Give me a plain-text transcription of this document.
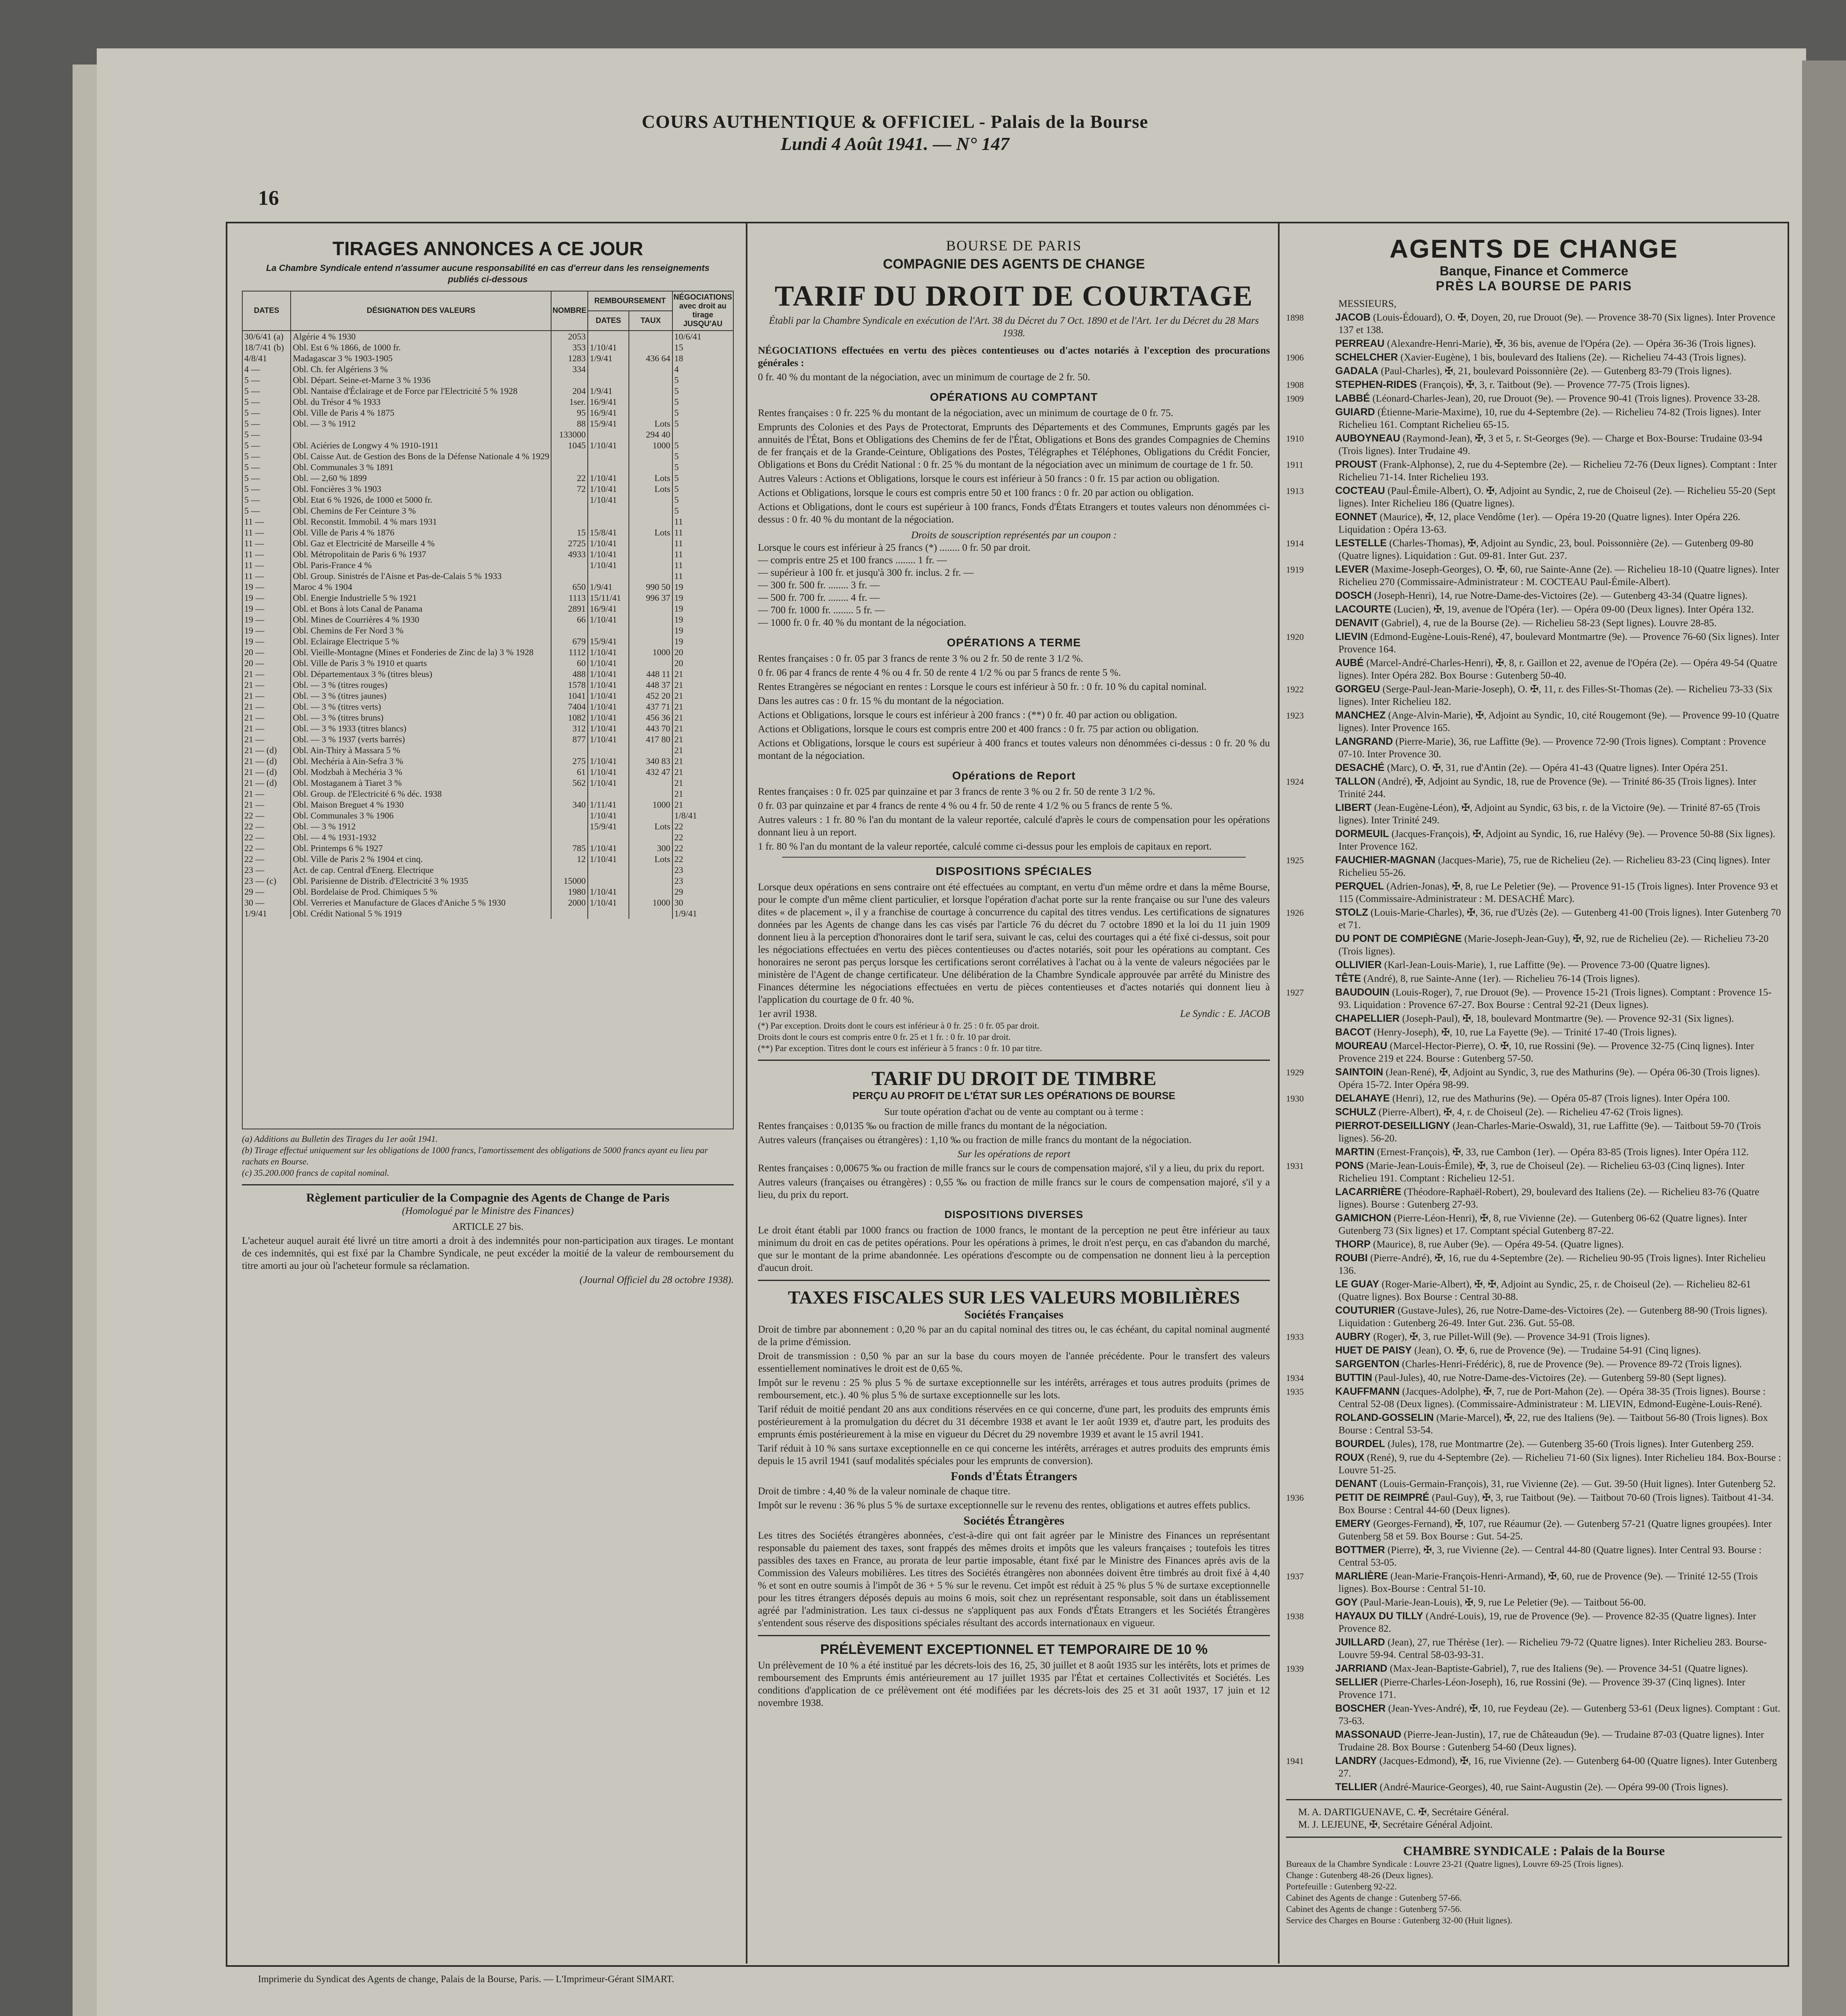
COURS AUTHENTIQUE & OFFICIEL - Palais de la Bourse
Lundi 4 Août 1941. — N° 147
16
TIRAGES ANNONCES A CE JOUR
La Chambre Syndicale entend n'assumer aucune responsabilité en cas d'erreur dans les renseignements publiés ci-dessous
DATES	DÉSIGNATION DES VALEURS	NOMBRE	REMBOURSEMENT		NÉGOCIATIONS avec droit au tirage JUSQU'AU
			DATES	TAUX	
30/6/41 (a)	Algérie 4 % 1930	2053			10/6/41
18/7/41 (b)	Obl. Est 6 % 1866, de 1000 fr.	353	1/10/41		15
4/8/41	Madagascar 3 % 1903-1905	1283	1/9/41	436 64	18
4 —	Obl. Ch. fer Algériens 3 %	334			4
5 —	Obl. Départ. Seine-et-Marne 3 % 1936				5
5 —	Obl. Nantaise d'Éclairage et de Force par l'Electricité 5 % 1928	204	1/9/41		5
5 —	Obl. du Trésor 4 % 1933	1ser.	16/9/41		5
5 —	Obl. Ville de Paris 4 % 1875	95	16/9/41		5
5 —	Obl. — 3 % 1912	88	15/9/41	Lots	5
5 —		133000		294 40	
5 —	Obl. Aciéries de Longwy 4 % 1910-1911	1045	1/10/41	1000	5
5 —	Obl. Caisse Aut. de Gestion des Bons de la Défense Nationale 4 % 1929				5
5 —	Obl. Communales 3 % 1891				5
5 —	Obl. — 2,60 % 1899	22	1/10/41	Lots	5
5 —	Obl. Foncières 3 % 1903	72	1/10/41	Lots	5
5 —	Obl. Etat 6 % 1926, de 1000 et 5000 fr.		1/10/41		5
5 —	Obl. Chemins de Fer Ceinture 3 %				5
11 —	Obl. Reconstit. Immobil. 4 % mars 1931				11
11 —	Obl. Ville de Paris 4 % 1876	15	15/8/41	Lots	11
11 —	Obl. Gaz et Electricité de Marseille 4 %	2725	1/10/41		11
11 —	Obl. Métropolitain de Paris 6 % 1937	4933	1/10/41		11
11 —	Obl. Paris-France 4 %		1/10/41		11
11 —	Obl. Group. Sinistrés de l'Aisne et Pas-de-Calais 5 % 1933				11
19 —	Maroc 4 % 1904	650	1/9/41	990 50	19
19 —	Obl. Energie Industrielle 5 % 1921	1113	15/11/41	996 37	19
19 —	Obl. et Bons à lots Canal de Panama	2891	16/9/41		19
19 —	Obl. Mines de Courrières 4 % 1930	66	1/10/41		19
19 —	Obl. Chemins de Fer Nord 3 %				19
19 —	Obl. Eclairage Electrique 5 %	679	15/9/41		19
20 —	Obl. Vieille-Montagne (Mines et Fonderies de Zinc de la) 3 % 1928	1112	1/10/41	1000	20
20 —	Obl. Ville de Paris 3 % 1910 et quarts	60	1/10/41		20
21 —	Obl. Départementaux 3 % (titres bleus)	488	1/10/41	448 11	21
21 —	Obl. — 3 % (titres rouges)	1578	1/10/41	448 37	21
21 —	Obl. — 3 % (titres jaunes)	1041	1/10/41	452 20	21
21 —	Obl. — 3 % (titres verts)	7404	1/10/41	437 71	21
21 —	Obl. — 3 % (titres bruns)	1082	1/10/41	456 36	21
21 —	Obl. — 3 % 1933 (titres blancs)	312	1/10/41	443 70	21
21 —	Obl. — 3 % 1937 (verts barrés)	877	1/10/41	417 80	21
21 — (d)	Obl. Ain-Thiry à Massara 5 %				21
21 — (d)	Obl. Mechéria à Ain-Sefra 3 %	275	1/10/41	340 83	21
21 — (d)	Obl. Modzbah à Mechéria 3 %	61	1/10/41	432 47	21
21 — (d)	Obl. Mostaganem à Tiaret 3 %	562	1/10/41		21
21 —	Obl. Group. de l'Electricité 6 % déc. 1938				21
21 —	Obl. Maison Breguet 4 % 1930	340	1/11/41	1000	21
22 —	Obl. Communales 3 % 1906		1/10/41		1/8/41
22 —	Obl. — 3 % 1912		15/9/41	Lots	22
22 —	Obl. — 4 % 1931-1932				22
22 —	Obl. Printemps 6 % 1927	785	1/10/41	300	22
22 —	Obl. Ville de Paris 2 % 1904 et cinq.	12	1/10/41	Lots	22
23 —	Act. de cap. Central d'Energ. Electrique				23
23 — (c)	Obl. Parisienne de Distrib. d'Electricité 3 % 1935	15000			23
29 —	Obl. Bordelaise de Prod. Chimiques 5 %	1980	1/10/41		29
30 —	Obl. Verreries et Manufacture de Glaces d'Aniche 5 % 1930	2000	1/10/41	1000	30
1/9/41	Obl. Crédit National 5 % 1919				1/9/41
(a) Additions au Bulletin des Tirages du 1er août 1941.
(b) Tirage effectué uniquement sur les obligations de 1000 francs, l'amortissement des obligations de 5000 francs ayant eu lieu par rachats en Bourse.
(c) 35.200.000 francs de capital nominal.
Règlement particulier de la Compagnie des Agents de Change de Paris
(Homologué par le Ministre des Finances)
ARTICLE 27 bis.
L'acheteur auquel aurait été livré un titre amorti a droit à des indemnités pour non-participation aux tirages. Le montant de ces indemnités, qui est fixé par la Chambre Syndicale, ne peut excéder la moitié de la valeur de remboursement du titre amorti au jour où l'acheteur formule sa réclamation.
(Journal Officiel du 28 octobre 1938).
BOURSE DE PARIS
COMPAGNIE DES AGENTS DE CHANGE
TARIF DU DROIT DE COURTAGE
Établi par la Chambre Syndicale en exécution de l'Art. 38 du Décret du 7 Oct. 1890 et de l'Art. 1er du Décret du 28 Mars 1938.
NÉGOCIATIONS effectuées en vertu des pièces contentieuses ou d'actes notariés à l'exception des procurations générales :
0 fr. 40 % du montant de la négociation, avec un minimum de courtage de 2 fr. 50.
OPÉRATIONS AU COMPTANT
Rentes françaises : 0 fr. 225 % du montant de la négociation, avec un minimum de courtage de 0 fr. 75.
Emprunts des Colonies et des Pays de Protectorat, Emprunts des Départements et des Communes, Emprunts gagés par les annuités de l'État, Bons et Obligations des Chemins de fer de l'État, Obligations et Bons des grandes Compagnies de Chemins de fer français et de la Grande-Ceinture, Obligations des Postes, Télégraphes et Téléphones, Obligations du Crédit Foncier, Obligations et Bons du Crédit National : 0 fr. 25 % du montant de la négociation avec un minimum de courtage de 1 fr. 50.
Autres Valeurs : Actions et Obligations, lorsque le cours est inférieur à 50 francs : 0 fr. 15 par action ou obligation.
Actions et Obligations, lorsque le cours est compris entre 50 et 100 francs : 0 fr. 20 par action ou obligation.
Actions et Obligations, dont le cours est supérieur à 100 francs, Fonds d'États Etrangers et toutes valeurs non dénommées ci-dessus : 0 fr. 40 % du montant de la négociation.
Droits de souscription représentés par un coupon :
Lorsque le cours est inférieur à 25 francs (*) ........ 0 fr. 50 par droit.
— compris entre 25 et 100 francs ........ 1 fr. —
— supérieur à 100 fr. et jusqu'à 300 fr. inclus. 2 fr. —
— 300 fr. 500 fr. ........ 3 fr. —
— 500 fr. 700 fr. ........ 4 fr. —
— 700 fr. 1000 fr. ........ 5 fr. —
— 1000 fr. 0 fr. 40 % du montant de la négociation.
OPÉRATIONS A TERME
Rentes françaises : 0 fr. 05 par 3 francs de rente 3 % ou 2 fr. 50 de rente 3 1/2 %.
0 fr. 06 par 4 francs de rente 4 % ou 4 fr. 50 de rente 4 1/2 % ou par 5 francs de rente 5 %.
Rentes Etrangères se négociant en rentes : Lorsque le cours est inférieur à 50 fr. : 0 fr. 10 % du capital nominal.
Dans les autres cas : 0 fr. 15 % du montant de la négociation.
Actions et Obligations, lorsque le cours est inférieur à 200 francs : (**) 0 fr. 40 par action ou obligation.
Actions et Obligations, lorsque le cours est compris entre 200 et 400 francs : 0 fr. 75 par action ou obligation.
Actions et Obligations, lorsque le cours est supérieur à 400 francs et toutes valeurs non dénommées ci-dessus : 0 fr. 20 % du montant de la négociation.
Opérations de Report
Rentes françaises : 0 fr. 025 par quinzaine et par 3 francs de rente 3 % ou 2 fr. 50 de rente 3 1/2 %.
0 fr. 03 par quinzaine et par 4 francs de rente 4 % ou 4 fr. 50 de rente 4 1/2 % ou 5 francs de rente 5 %.
Autres valeurs : 1 fr. 80 % l'an du montant de la valeur reportée, calculé d'après le cours de compensation pour les opérations donnant lieu à un report.
1 fr. 80 % l'an du montant de la valeur reportée, calculé comme ci-dessus pour les emplois de capitaux en report.
DISPOSITIONS SPÉCIALES
Lorsque deux opérations en sens contraire ont été effectuées au comptant, en vertu d'un même ordre et dans la même Bourse, pour le compte d'un même client particulier, et lorsque l'opération d'achat porte sur la rente française ou sur l'une des valeurs dites « de placement », il y a franchise de courtage à concurrence du capital des titres vendus. Les certifications de signatures données par les Agents de change dans les cas visés par l'article 76 du décret du 7 octobre 1890 et la loi du 11 juin 1909 donnent lieu à la perception d'honoraires dont le tarif sera, suivant le cas, celui des courtages qui a été fixé ci-dessus, soit pour les négociations effectuées en vertu des pièces contentieuses ou d'actes notariés, soit pour les opérations au comptant. Ces honoraires ne seront pas perçus lorsque les certifications seront corrélatives à l'achat ou à la vente de valeurs négociées par le ministère de l'Agent de change certificateur. Une délibération de la Chambre Syndicale approuvée par arrêté du Ministre des Finances détermine les négociations effectuées en vertu de pièces contentieuses et d'actes notariés qui donnent lieu à l'application du courtage de 0 fr. 40 %.
1er avril 1938.	Le Syndic : E. JACOB
(*) Par exception. Droits dont le cours est inférieur à 0 fr. 25 : 0 fr. 05 par droit.
Droits dont le cours est compris entre 0 fr. 25 et 1 fr. : 0 fr. 10 par droit.
(**) Par exception. Titres dont le cours est inférieur à 5 francs : 0 fr. 10 par titre.
TARIF DU DROIT DE TIMBRE
PERÇU AU PROFIT DE L'ÉTAT SUR LES OPÉRATIONS DE BOURSE
Sur toute opération d'achat ou de vente au comptant ou à terme :
Rentes françaises : 0,0135 ‰ ou fraction de mille francs du montant de la négociation.
Autres valeurs (françaises ou étrangères) : 1,10 ‰ ou fraction de mille francs du montant de la négociation.
Sur les opérations de report
Rentes françaises : 0,00675 ‰ ou fraction de mille francs sur le cours de compensation majoré, s'il y a lieu, du prix du report.
Autres valeurs (françaises ou étrangères) : 0,55 ‰ ou fraction de mille francs sur le cours de compensation majoré, s'il y a lieu, du prix du report.
DISPOSITIONS DIVERSES
Le droit étant établi par 1000 francs ou fraction de 1000 francs, le montant de la perception ne peut être inférieur au taux minimum du droit en cas de petites opérations. Pour les opérations à primes, le droit n'est perçu, en cas d'abandon du marché, que sur le montant de la prime abandonnée. Les opérations d'escompte ou de compensation ne donnent lieu à la perception d'aucun droit.
TAXES FISCALES SUR LES VALEURS MOBILIÈRES
Sociétés Françaises
Droit de timbre par abonnement : 0,20 % par an du capital nominal des titres ou, le cas échéant, du capital nominal augmenté de la prime d'émission.
Droit de transmission : 0,50 % par an sur la base du cours moyen de l'année précédente. Pour le transfert des valeurs essentiellement nominatives le droit est de 0,65 %.
Impôt sur le revenu : 25 % plus 5 % de surtaxe exceptionnelle sur les intérêts, arrérages et tous autres produits (primes de remboursement, etc.). 40 % plus 5 % de surtaxe exceptionnelle sur les lots.
Tarif réduit de moitié pendant 20 ans aux conditions réservées en ce qui concerne, d'une part, les produits des emprunts émis postérieurement à la promulgation du décret du 31 décembre 1938 et avant le 1er août 1939 et, d'autre part, les produits des emprunts émis postérieurement à la mise en vigueur du Décret du 29 novembre 1939 et avant le 15 avril 1941.
Tarif réduit à 10 % sans surtaxe exceptionnelle en ce qui concerne les intérêts, arrérages et autres produits des emprunts émis depuis le 15 avril 1941 (sauf modalités spéciales pour les emprunts de conversion).
Fonds d'États Étrangers
Droit de timbre : 4,40 % de la valeur nominale de chaque titre.
Impôt sur le revenu : 36 % plus 5 % de surtaxe exceptionnelle sur le revenu des rentes, obligations et autres effets publics.
Sociétés Étrangères
Les titres des Sociétés étrangères abonnées, c'est-à-dire qui ont fait agréer par le Ministre des Finances un représentant responsable du paiement des taxes, sont frappés des mêmes droits et impôts que les valeurs françaises ; toutefois les titres passibles des taxes en France, au prorata de leur partie imposable, étant fixé par le Ministre des Finances après avis de la Commission des Valeurs mobilières. Les titres des Sociétés étrangères non abonnées doivent être timbrés au droit fixé à 4,40 % et sont en outre soumis à l'impôt de 36 + 5 % sur le revenu. Cet impôt est réduit à 25 % plus 5 % de surtaxe exceptionnelle pour les titres étrangers déposés depuis au moins 6 mois, soit chez un représentant responsable, soit dans un établissement agréé par l'administration. Les taux ci-dessus ne s'appliquent pas aux Fonds d'États Etrangers et les Sociétés Étrangères s'entendent sous réserve des dispositions spéciales résultant des accords internationaux en vigueur.
PRÉLÈVEMENT EXCEPTIONNEL ET TEMPORAIRE DE 10 %
Un prélèvement de 10 % a été institué par les décrets-lois des 16, 25, 30 juillet et 8 août 1935 sur les intérêts, lots et primes de remboursement des Emprunts émis antérieurement au 17 juillet 1935 par l'État et certaines Collectivités et Sociétés. Les conditions d'application de ce prélèvement ont été modifiées par les décrets-lois des 25 et 31 août 1937, 17 juin et 12 novembre 1938.
AGENTS DE CHANGE
Banque, Finance et Commerce
PRÈS LA BOURSE DE PARIS
MESSIEURS,
1898	JACOB (Louis-Édouard), O. ✠, Doyen, 20, rue Drouot (9e). — Provence 38-70 (Six lignes). Inter Provence 137 et 138.
PERREAU (Alexandre-Henri-Marie), ✠, 36 bis, avenue de l'Opéra (2e). — Opéra 36-36 (Trois lignes).
1906	SCHELCHER (Xavier-Eugène), 1 bis, boulevard des Italiens (2e). — Richelieu 74-43 (Trois lignes).
GADALA (Paul-Charles), ✠, 21, boulevard Poissonnière (2e). — Gutenberg 83-79 (Trois lignes).
1908	STEPHEN-RIDES (François), ✠, 3, r. Taitbout (9e). — Provence 77-75 (Trois lignes).
1909	LABBÉ (Léonard-Charles-Jean), 20, rue Drouot (9e). — Provence 90-41 (Trois lignes). Provence 33-28.
GUIARD (Étienne-Marie-Maxime), 10, rue du 4-Septembre (2e). — Richelieu 74-82 (Trois lignes). Inter Richelieu 161. Comptant Richelieu 65-15.
1910	AUBOYNEAU (Raymond-Jean), ✠, 3 et 5, r. St-Georges (9e). — Charge et Box-Bourse: Trudaine 03-94 (Trois lignes). Inter Trudaine 49.
1911	PROUST (Frank-Alphonse), 2, rue du 4-Septembre (2e). — Richelieu 72-76 (Deux lignes). Comptant : Inter Richelieu 71-14. Inter Richelieu 193.
1913	COCTEAU (Paul-Émile-Albert), O. ✠, Adjoint au Syndic, 2, rue de Choiseul (2e). — Richelieu 55-20 (Sept lignes). Inter Richelieu 186 (Quatre lignes).
EONNET (Maurice), ✠, 12, place Vendôme (1er). — Opéra 19-20 (Quatre lignes). Inter Opéra 226. Liquidation : Opéra 13-63.
1914	LESTELLE (Charles-Thomas), ✠, Adjoint au Syndic, 23, boul. Poissonnière (2e). — Gutenberg 09-80 (Quatre lignes). Liquidation : Gut. 09-81. Inter Gut. 237.
1919	LEVER (Maxime-Joseph-Georges), O. ✠, 60, rue Sainte-Anne (2e). — Richelieu 18-10 (Quatre lignes). Inter Richelieu 270 (Commissaire-Administrateur : M. COCTEAU Paul-Émile-Albert).
DOSCH (Joseph-Henri), 14, rue Notre-Dame-des-Victoires (2e). — Gutenberg 43-34 (Quatre lignes).
LACOURTE (Lucien), ✠, 19, avenue de l'Opéra (1er). — Opéra 09-00 (Deux lignes). Inter Opéra 132.
DENAVIT (Gabriel), 4, rue de la Bourse (2e). — Richelieu 58-23 (Sept lignes). Louvre 28-85.
1920	LIEVIN (Edmond-Eugène-Louis-René), 47, boulevard Montmartre (9e). — Provence 76-60 (Six lignes). Inter Provence 164.
AUBÉ (Marcel-André-Charles-Henri), ✠, 8, r. Gaillon et 22, avenue de l'Opéra (2e). — Opéra 49-54 (Quatre lignes). Inter Opéra 282. Box Bourse : Gutenberg 50-40.
1922	GORGEU (Serge-Paul-Jean-Marie-Joseph), O. ✠, 11, r. des Filles-St-Thomas (2e). — Richelieu 73-33 (Six lignes). Inter Richelieu 182.
1923	MANCHEZ (Ange-Alvin-Marie), ✠, Adjoint au Syndic, 10, cité Rougemont (9e). — Provence 99-10 (Quatre lignes). Inter Provence 165.
LANGRAND (Pierre-Marie), 36, rue Laffitte (9e). — Provence 72-90 (Trois lignes). Comptant : Provence 07-10. Inter Provence 30.
DESACHÉ (Marc), O. ✠, 31, rue d'Antin (2e). — Opéra 41-43 (Quatre lignes). Inter Opéra 251.
1924	TALLON (André), ✠, Adjoint au Syndic, 18, rue de Provence (9e). — Trinité 86-35 (Trois lignes). Inter Trinité 244.
LIBERT (Jean-Eugène-Léon), ✠, Adjoint au Syndic, 63 bis, r. de la Victoire (9e). — Trinité 87-65 (Trois lignes). Inter Trinité 249.
DORMEUIL (Jacques-François), ✠, Adjoint au Syndic, 16, rue Halévy (9e). — Provence 50-88 (Six lignes). Inter Provence 162.
1925	FAUCHIER-MAGNAN (Jacques-Marie), 75, rue de Richelieu (2e). — Richelieu 83-23 (Cinq lignes). Inter Richelieu 55-26.
PERQUEL (Adrien-Jonas), ✠, 8, rue Le Peletier (9e). — Provence 91-15 (Trois lignes). Inter Provence 93 et 115 (Commissaire-Administrateur : M. DESACHÉ Marc).
1926	STOLZ (Louis-Marie-Charles), ✠, 36, rue d'Uzès (2e). — Gutenberg 41-00 (Trois lignes). Inter Gutenberg 70 et 71.
DU PONT DE COMPIÈGNE (Marie-Joseph-Jean-Guy), ✠, 92, rue de Richelieu (2e). — Richelieu 73-20 (Trois lignes).
OLLIVIER (Karl-Jean-Louis-Marie), 1, rue Laffitte (9e). — Provence 73-00 (Quatre lignes).
TÊTE (André), 8, rue Sainte-Anne (1er). — Richelieu 76-14 (Trois lignes).
1927	BAUDOUIN (Louis-Roger), 7, rue Drouot (9e). — Provence 15-21 (Trois lignes). Comptant : Provence 15-93. Liquidation : Provence 67-27. Box Bourse : Central 92-21 (Deux lignes).
CHAPELLIER (Joseph-Paul), ✠, 18, boulevard Montmartre (9e). — Provence 92-31 (Six lignes).
BACOT (Henry-Joseph), ✠, 10, rue La Fayette (9e). — Trinité 17-40 (Trois lignes).
MOUREAU (Marcel-Hector-Pierre), O. ✠, 10, rue Rossini (9e). — Provence 32-75 (Cinq lignes). Inter Provence 219 et 224. Bourse : Gutenberg 57-50.
1929	SAINTOIN (Jean-René), ✠, Adjoint au Syndic, 3, rue des Mathurins (9e). — Opéra 06-30 (Trois lignes). Opéra 15-72. Inter Opéra 98-99.
1930	DELAHAYE (Henri), 12, rue des Mathurins (9e). — Opéra 05-87 (Trois lignes). Inter Opéra 100.
SCHULZ (Pierre-Albert), ✠, 4, r. de Choiseul (2e). — Richelieu 47-62 (Trois lignes).
PIERROT-DESEILLIGNY (Jean-Charles-Marie-Oswald), 31, rue Laffitte (9e). — Taitbout 59-70 (Trois lignes). 56-20.
MARTIN (Ernest-François), ✠, 33, rue Cambon (1er). — Opéra 83-85 (Trois lignes). Inter Opéra 112.
1931	PONS (Marie-Jean-Louis-Émile), ✠, 3, rue de Choiseul (2e). — Richelieu 63-03 (Cinq lignes). Inter Richelieu 191. Comptant : Richelieu 12-51.
LACARRIÈRE (Théodore-Raphaël-Robert), 29, boulevard des Italiens (2e). — Richelieu 83-76 (Quatre lignes). Bourse : Gutenberg 27-93.
GAMICHON (Pierre-Léon-Henri), ✠, 8, rue Vivienne (2e). — Gutenberg 06-62 (Quatre lignes). Inter Gutenberg 73 (Six lignes) et 17. Comptant spécial Gutenberg 87-22.
THORP (Maurice), 8, rue Auber (9e). — Opéra 49-54. (Quatre lignes).
ROUBI (Pierre-André), ✠, 16, rue du 4-Septembre (2e). — Richelieu 90-95 (Trois lignes). Inter Richelieu 136.
LE GUAY (Roger-Marie-Albert), ✠, ✠, Adjoint au Syndic, 25, r. de Choiseul (2e). — Richelieu 82-61 (Quatre lignes). Box Bourse : Central 30-88.
COUTURIER (Gustave-Jules), 26, rue Notre-Dame-des-Victoires (2e). — Gutenberg 88-90 (Trois lignes). Liquidation : Gutenberg 26-49. Inter Gut. 236. Gut. 55-08.
1933	AUBRY (Roger), ✠, 3, rue Pillet-Will (9e). — Provence 34-91 (Trois lignes).
HUET DE PAISY (Jean), O. ✠, 6, rue de Provence (9e). — Trudaine 54-91 (Cinq lignes).
SARGENTON (Charles-Henri-Frédéric), 8, rue de Provence (9e). — Provence 89-72 (Trois lignes).
1934	BUTTIN (Paul-Jules), 40, rue Notre-Dame-des-Victoires (2e). — Gutenberg 59-80 (Sept lignes).
1935	KAUFFMANN (Jacques-Adolphe), ✠, 7, rue de Port-Mahon (2e). — Opéra 38-35 (Trois lignes). Bourse : Central 52-08 (Deux lignes). (Commissaire-Administrateur : M. LIEVIN, Edmond-Eugène-Louis-René).
ROLAND-GOSSELIN (Marie-Marcel), ✠, 22, rue des Italiens (9e). — Taitbout 56-80 (Trois lignes). Box Bourse : Central 53-54.
BOURDEL (Jules), 178, rue Montmartre (2e). — Gutenberg 35-60 (Trois lignes). Inter Gutenberg 259.
ROUX (René), 9, rue du 4-Septembre (2e). — Richelieu 71-60 (Six lignes). Inter Richelieu 184. Box-Bourse : Louvre 51-25.
DENANT (Louis-Germain-François), 31, rue Vivienne (2e). — Gut. 39-50 (Huit lignes). Inter Gutenberg 52.
1936	PETIT DE REIMPRÉ (Paul-Guy), ✠, 3, rue Taitbout (9e). — Taitbout 70-60 (Trois lignes). Taitbout 41-34. Box Bourse : Central 44-60 (Deux lignes).
EMERY (Georges-Fernand), ✠, 107, rue Réaumur (2e). — Gutenberg 57-21 (Quatre lignes groupées). Inter Gutenberg 58 et 59. Box Bourse : Gut. 54-25.
BOTTMER (Pierre), ✠, 3, rue Vivienne (2e). — Central 44-80 (Quatre lignes). Inter Central 93. Bourse : Central 53-05.
1937	MARLIÈRE (Jean-Marie-François-Henri-Armand), ✠, 60, rue de Provence (9e). — Trinité 12-55 (Trois lignes). Box-Bourse : Central 51-10.
GOY (Paul-Marie-Jean-Louis), ✠, 9, rue Le Peletier (9e). — Taitbout 56-00.
1938	HAYAUX DU TILLY (André-Louis), 19, rue de Provence (9e). — Provence 82-35 (Quatre lignes). Inter Provence 82.
JUILLARD (Jean), 27, rue Thérèse (1er). — Richelieu 79-72 (Quatre lignes). Inter Richelieu 283. Bourse-Louvre 59-94. Central 58-03-93-31.
1939	JARRIAND (Max-Jean-Baptiste-Gabriel), 7, rue des Italiens (9e). — Provence 34-51 (Quatre lignes).
SELLIER (Pierre-Charles-Léon-Joseph), 16, rue Rossini (9e). — Provence 39-37 (Cinq lignes). Inter Provence 171.
BOSCHER (Jean-Yves-André), ✠, 10, rue Feydeau (2e). — Gutenberg 53-61 (Deux lignes). Comptant : Gut. 73-63.
MASSONAUD (Pierre-Jean-Justin), 17, rue de Châteaudun (9e). — Trudaine 87-03 (Quatre lignes). Inter Trudaine 28. Box Bourse : Gutenberg 54-60 (Deux lignes).
1941	LANDRY (Jacques-Edmond), ✠, 16, rue Vivienne (2e). — Gutenberg 64-00 (Quatre lignes). Inter Gutenberg 27.
TELLIER (André-Maurice-Georges), 40, rue Saint-Augustin (2e). — Opéra 99-00 (Trois lignes).
M. A. DARTIGUENAVE, C. ✠, Secrétaire Général.
M. J. LEJEUNE, ✠, Secrétaire Général Adjoint.
CHAMBRE SYNDICALE : Palais de la Bourse
Bureaux de la Chambre Syndicale : Louvre 23-21 (Quatre lignes), Louvre 69-25 (Trois lignes).
Change : Gutenberg 48-26 (Deux lignes).
Portefeuille : Gutenberg 92-22.
Cabinet des Agents de change : Gutenberg 57-66.
Cabinet des Agents de change : Gutenberg 57-56.
Service des Charges en Bourse : Gutenberg 32-00 (Huit lignes).
Imprimerie du Syndicat des Agents de change, Palais de la Bourse, Paris. — L'Imprimeur-Gérant SIMART.
